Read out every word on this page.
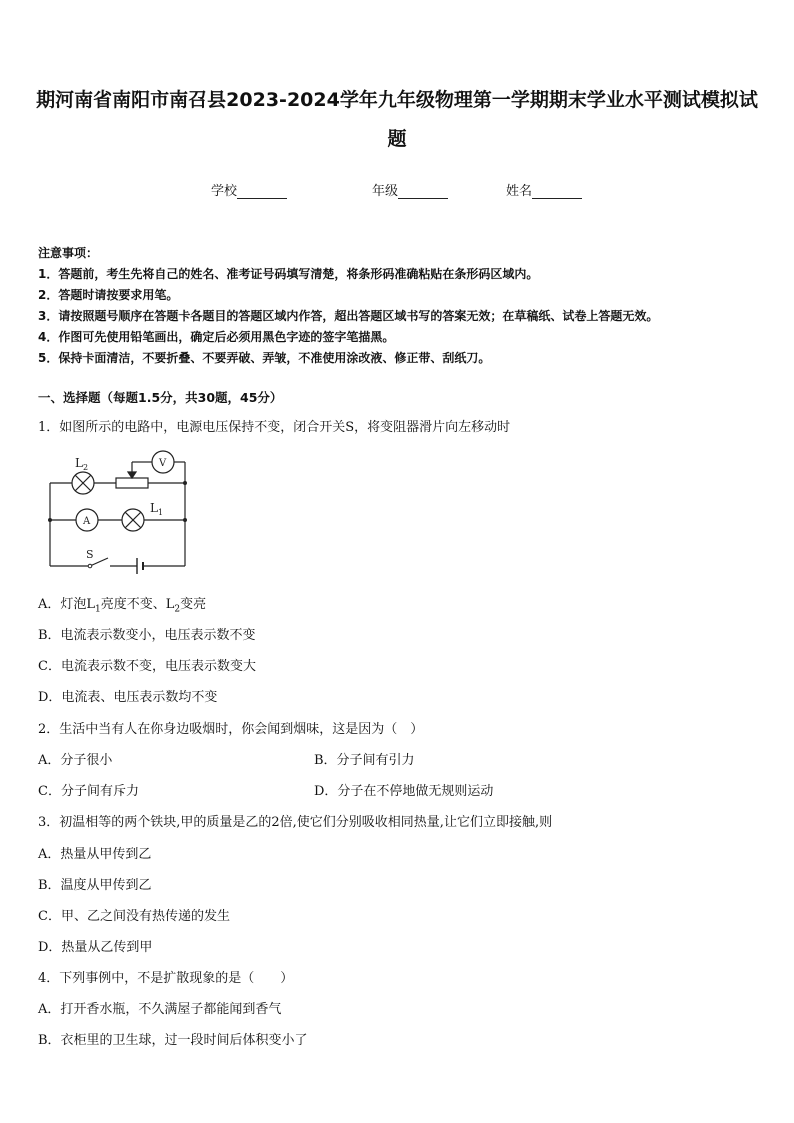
期河南省南阳市南召县2023-2024学年九年级物理第一学期期末学业水平测试模拟试
题
学校	年级	姓名
注意事项：
1．答题前，考生先将自己的姓名、准考证号码填写清楚，将条形码准确粘贴在条形码区域内。
2．答题时请按要求用笔。
3．请按照题号顺序在答题卡各题目的答题区域内作答，超出答题区域书写的答案无效；在草稿纸、试卷上答题无效。
4．作图可先使用铅笔画出，确定后必须用黑色字迹的签字笔描黑。
5．保持卡面清洁，不要折叠、不要弄破、弄皱，不准使用涂改液、修正带、刮纸刀。
一、选择题（每题1.5分，共30题，45分）
1．如图所示的电路中，电源电压保持不变，闭合开关S，将变阻器滑片向左移动时
$L_2$	V
A
$L_1$
S
A．灯泡$L_1$亮度不变、$L_2$变亮
B．电流表示数变小，电压表示数不变
C．电流表示数不变，电压表示数变大
D．电流表、电压表示数均不变
2．生活中当有人在你身边吸烟时，你会闻到烟味，这是因为（　）
A．分子很小	B．分子间有引力
C．分子间有斥力	D．分子在不停地做无规则运动
3．初温相等的两个铁块,甲的质量是乙的2倍,使它们分别吸收相同热量,让它们立即接触,则
A．热量从甲传到乙
B．温度从甲传到乙
C．甲、乙之间没有热传递的发生
D．热量从乙传到甲
4．下列事例中，不是扩散现象的是（　　）
A．打开香水瓶，不久满屋子都能闻到香气
B．衣柜里的卫生球，过一段时间后体积变小了
